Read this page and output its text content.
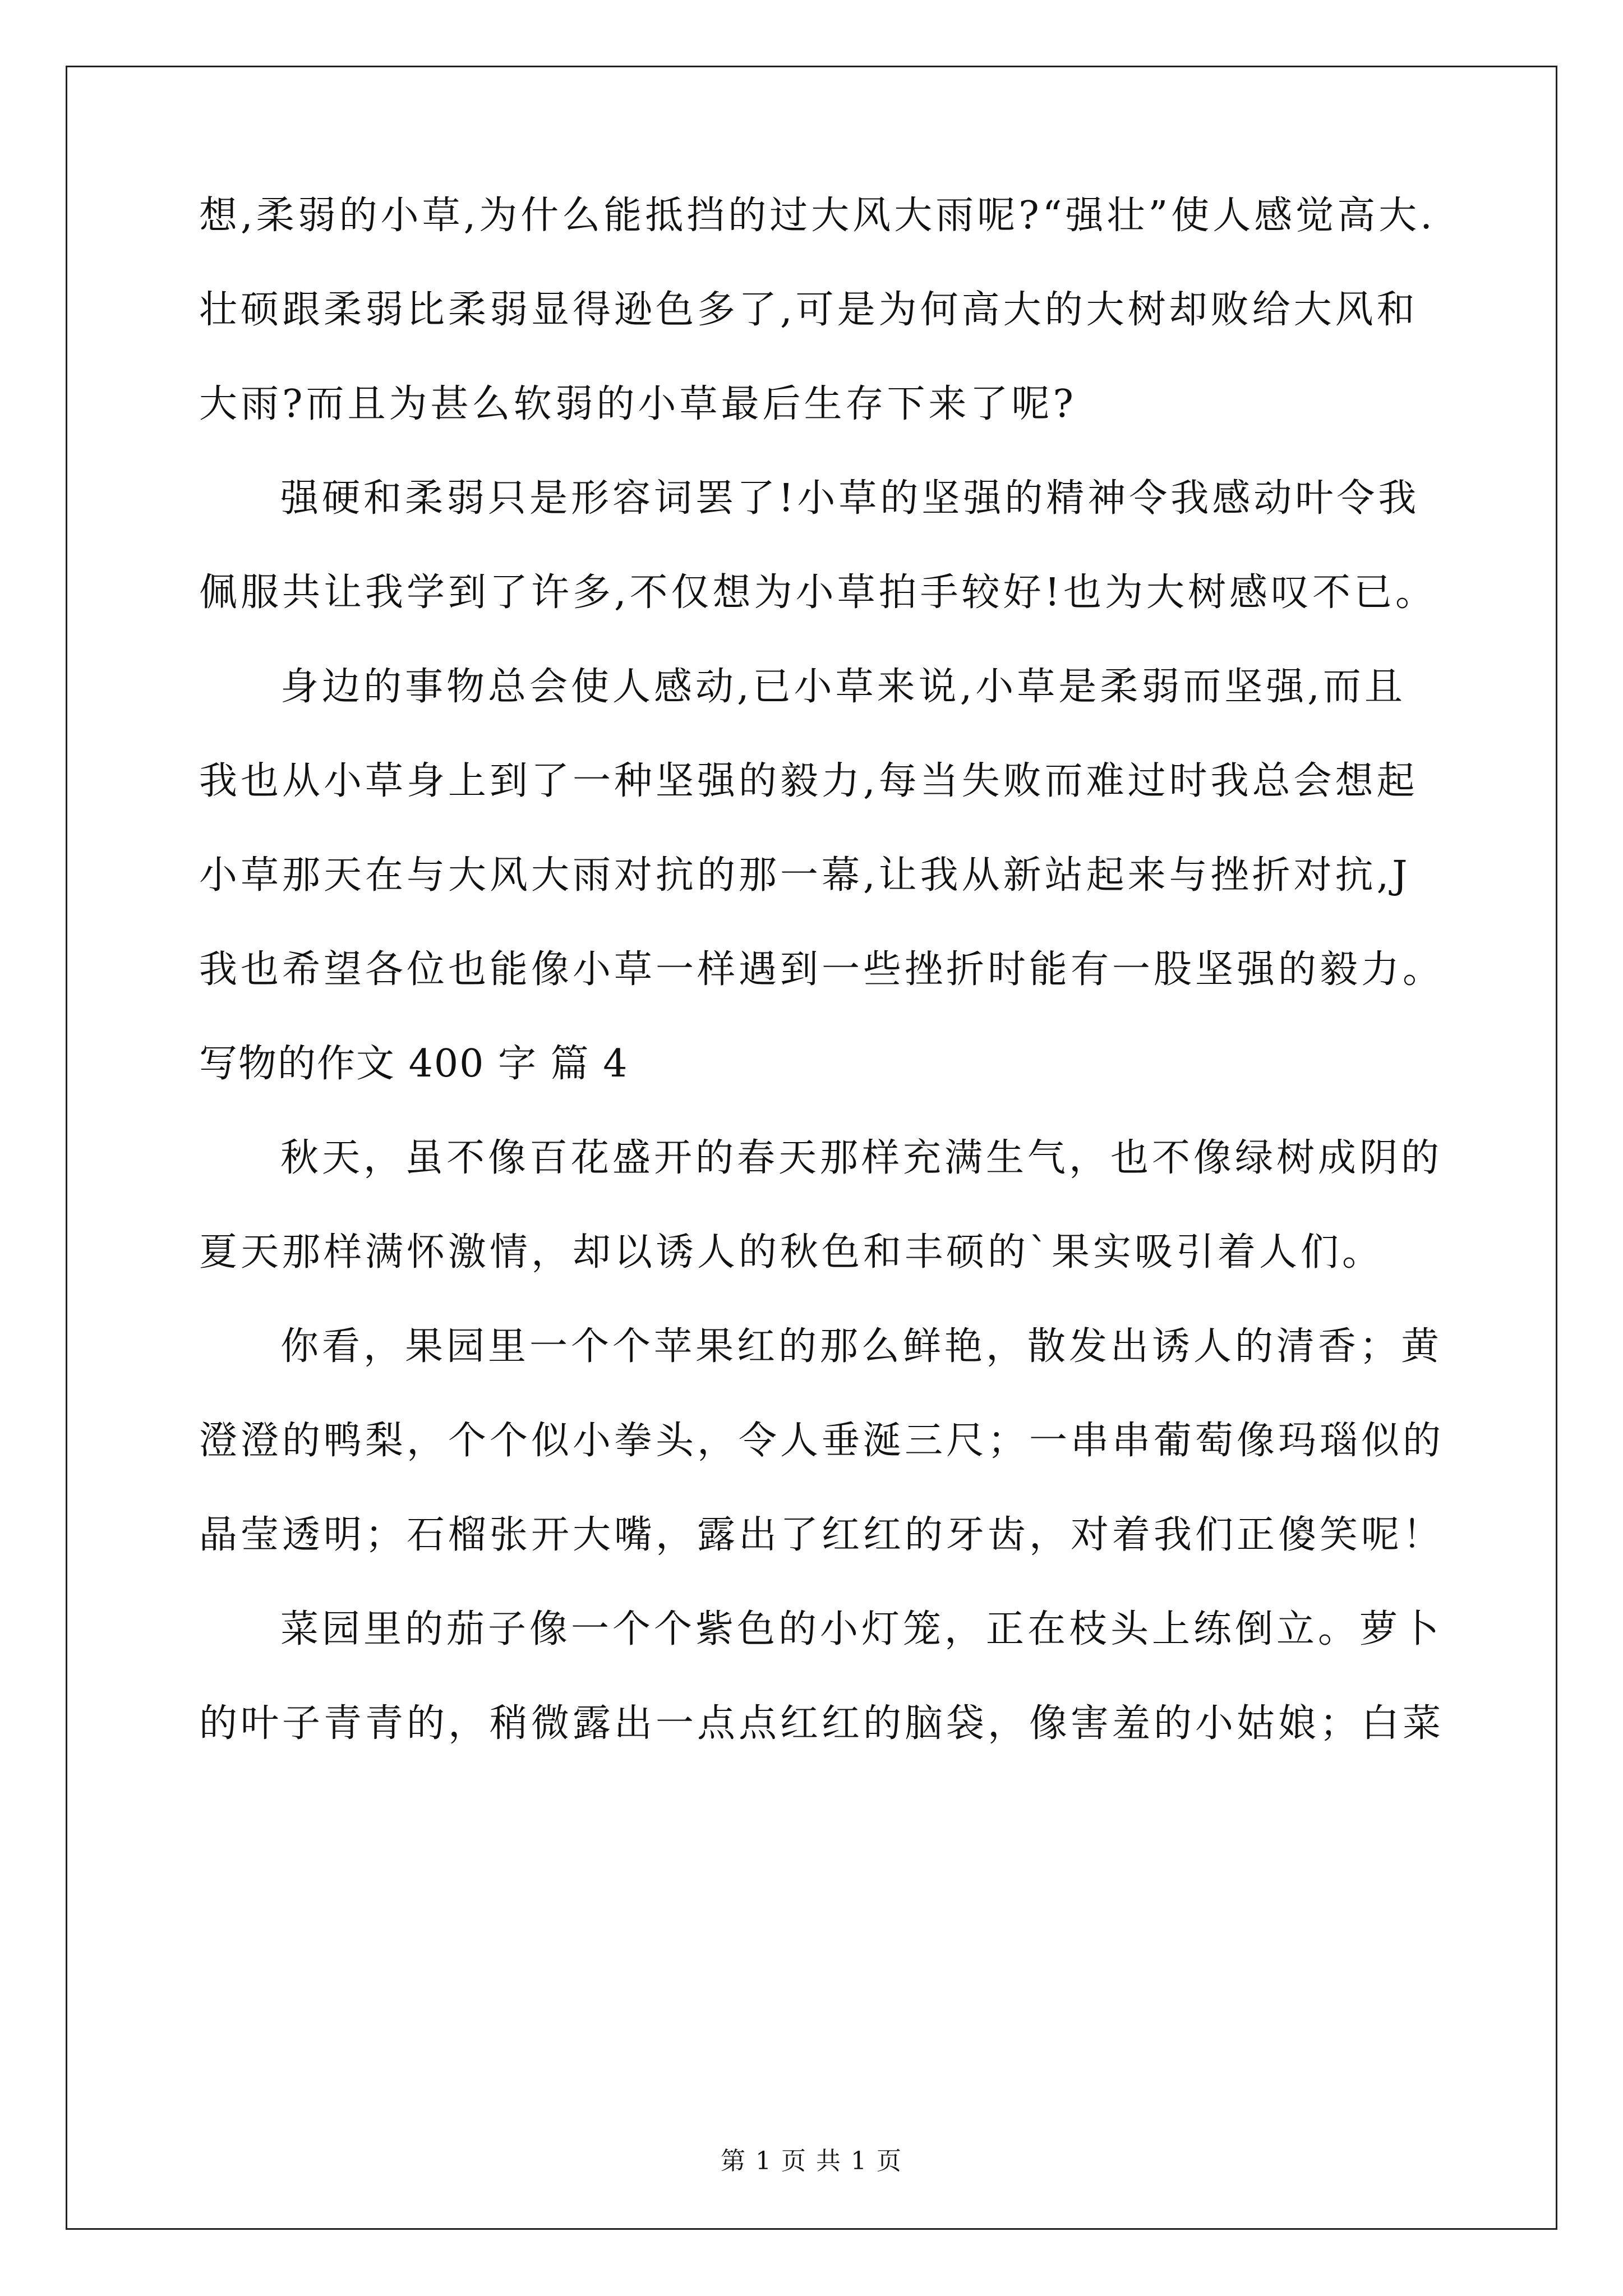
想,柔弱的小草,为什么能抵挡的过大风大雨呢?“强壮”使人感觉高大.
壮硕跟柔弱比柔弱显得逊色多了,可是为何高大的大树却败给大风和
大雨?而且为甚么软弱的小草最后生存下来了呢?
强硬和柔弱只是形容词罢了!小草的坚强的精神令我感动叶令我
佩服共让我学到了许多,不仅想为小草拍手较好!也为大树感叹不已。
身边的事物总会使人感动,已小草来说,小草是柔弱而坚强,而且
我也从小草身上到了一种坚强的毅力,每当失败而难过时我总会想起
小草那天在与大风大雨对抗的那一幕,让我从新站起来与挫折对抗,J
我也希望各位也能像小草一样遇到一些挫折时能有一股坚强的毅力。
写物的作文 400 字 篇 4
秋天，虽不像百花盛开的春天那样充满生气，也不像绿树成阴的
夏天那样满怀激情，却以诱人的秋色和丰硕的`果实吸引着人们。
你看，果园里一个个苹果红的那么鲜艳，散发出诱人的清香；黄
澄澄的鸭梨，个个似小拳头，令人垂涎三尺；一串串葡萄像玛瑙似的
晶莹透明；石榴张开大嘴，露出了红红的牙齿，对着我们正傻笑呢！
菜园里的茄子像一个个紫色的小灯笼，正在枝头上练倒立。萝卜
的叶子青青的，稍微露出一点点红红的脑袋，像害羞的小姑娘；白菜
第 1 页 共 1 页
